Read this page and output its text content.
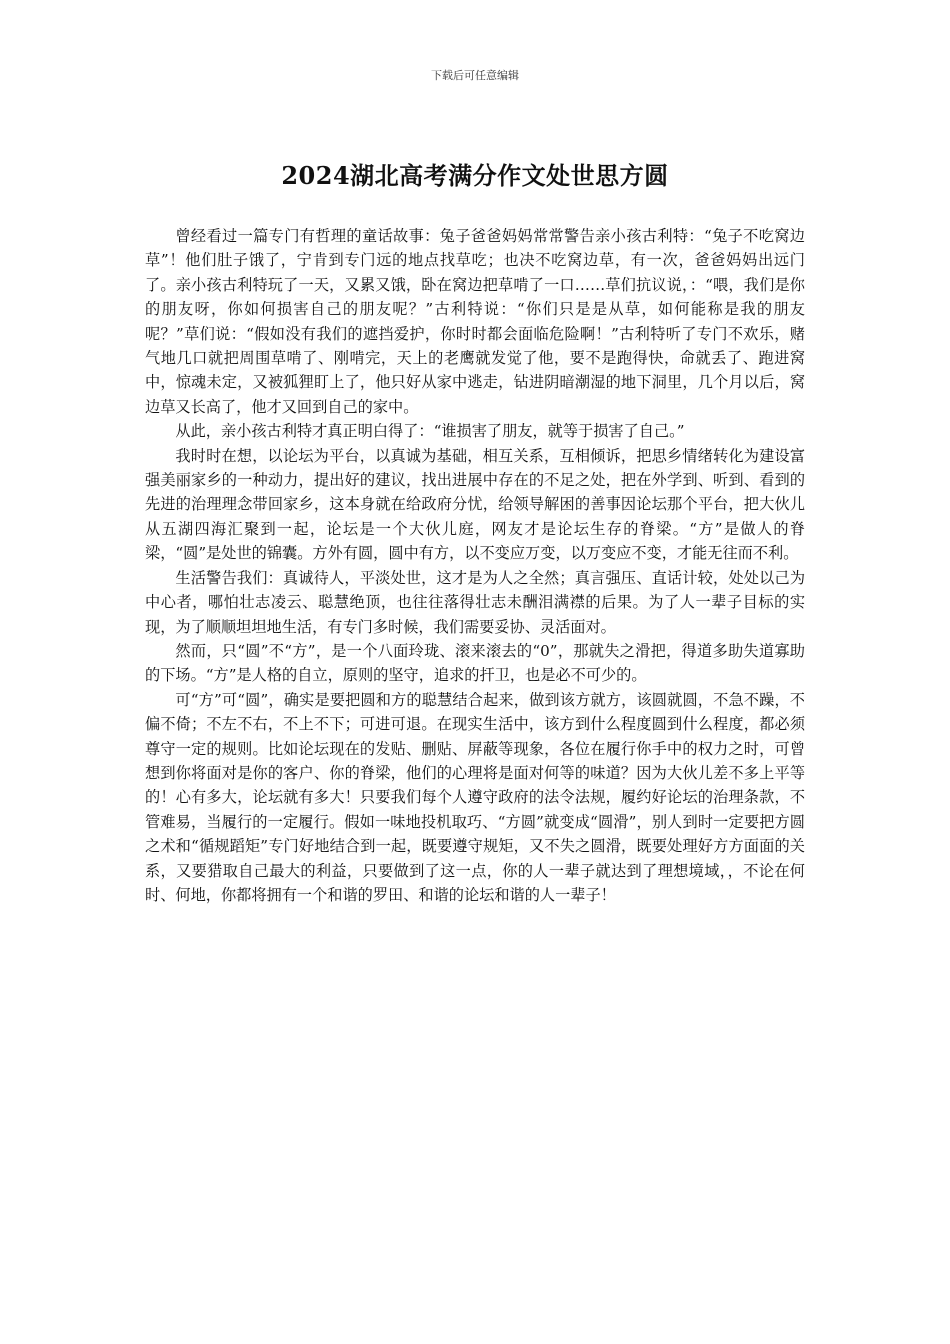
下载后可任意编辑
2024湖北高考满分作文处世思方圆

曾经看过一篇专门有哲理的童话故事：兔子爸爸妈妈常常警告亲小孩古利特：“兔子不吃窝边草”！他们肚子饿了，宁肯到专门远的地点找草吃；也决不吃窝边草，有一次，爸爸妈妈出远门了。亲小孩古利特玩了一天，又累又饿，卧在窝边把草啃了一口……草们抗议说，：“喂，我们是你的朋友呀，你如何损害自己的朋友呢？”古利特说：“你们只是是从草，如何能称是我的朋友呢？”草们说：“假如没有我们的遮挡爱护，你时时都会面临危险啊！”古利特听了专门不欢乐，赌气地几口就把周围草啃了、刚啃完，天上的老鹰就发觉了他，要不是跑得快，命就丢了、跑进窝中，惊魂未定，又被狐狸盯上了，他只好从家中逃走，钻进阴暗潮湿的地下洞里，几个月以后，窝边草又长高了，他才又回到自己的家中。

从此，亲小孩古利特才真正明白得了：“谁损害了朋友，就等于损害了自己。”

我时时在想，以论坛为平台，以真诚为基础，相互关系，互相倾诉，把思乡情绪转化为建设富强美丽家乡的一种动力，提出好的建议，找出进展中存在的不足之处，把在外学到、听到、看到的先进的治理理念带回家乡，这本身就在给政府分忧，给领导解困的善事因论坛那个平台，把大伙儿从五湖四海汇聚到一起，论坛是一个大伙儿庭，网友才是论坛生存的脊梁。“方”是做人的脊梁，“圆”是处世的锦囊。方外有圆，圆中有方，以不变应万变，以万变应不变，才能无往而不利。

生活警告我们：真诚待人，平淡处世，这才是为人之全然；真言强压、直话计较，处处以己为中心者，哪怕壮志凌云、聪慧绝顶，也往往落得壮志未酬泪满襟的后果。为了人一辈子目标的实现，为了顺顺坦坦地生活，有专门多时候，我们需要妥协、灵活面对。

然而，只“圆”不“方”，是一个八面玲珑、滚来滚去的“0”，那就失之滑把，得道多助失道寡助的下场。“方”是人格的自立，原则的坚守，追求的扞卫，也是必不可少的。

可“方”可“圆”，确实是要把圆和方的聪慧结合起来，做到该方就方，该圆就圆，不急不躁，不偏不倚；不左不右，不上不下；可进可退。在现实生活中，该方到什么程度圆到什么程度，都必须尊守一定的规则。比如论坛现在的发贴、删贴、屏蔽等现象，各位在履行你手中的权力之时，可曾想到你将面对是你的客户、你的脊梁，他们的心理将是面对何等的味道？因为大伙儿差不多上平等的！心有多大，论坛就有多大！只要我们每个人遵守政府的法令法规，履约好论坛的治理条款，不管难易，当履行的一定履行。假如一味地投机取巧、“方圆”就变成“圆滑”，别人到时一定要把方圆之术和“循规蹈矩”专门好地结合到一起，既要遵守规矩，又不失之圆滑，既要处理好方方面面的关系，又要猎取自己最大的利益，只要做到了这一点，你的人一辈子就达到了理想境域，，不论在何时、何地，你都将拥有一个和谐的罗田、和谐的论坛和谐的人一辈子！
